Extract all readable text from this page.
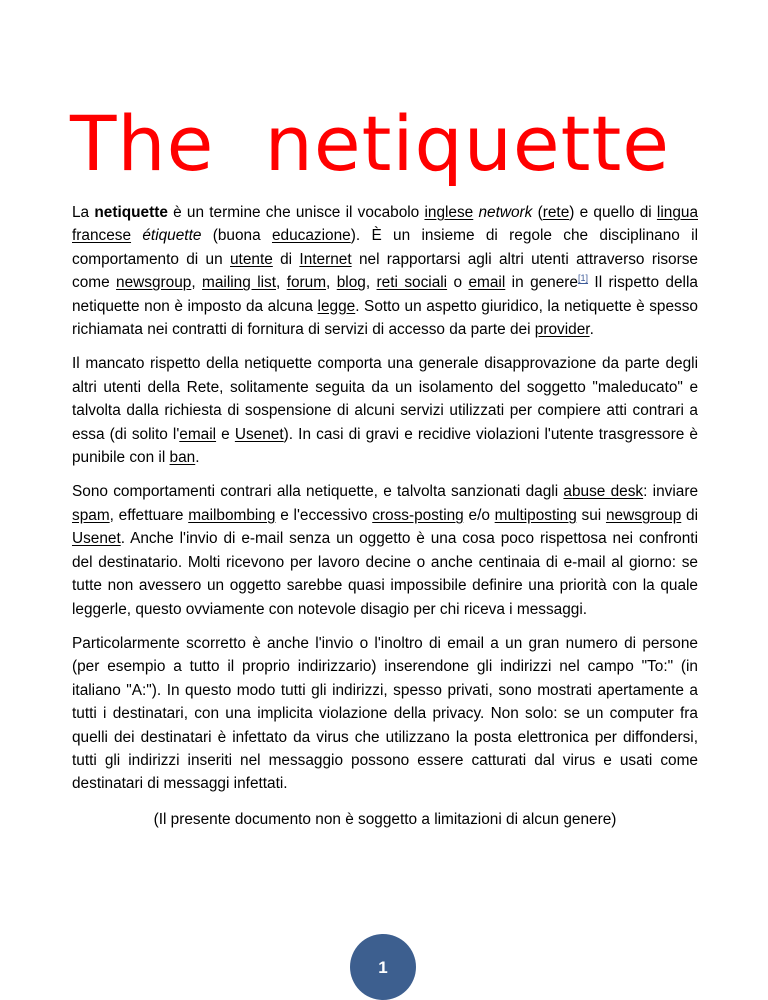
The  netiquette

La netiquette è un termine che unisce il vocabolo inglese network (rete) e quello di lingua francese étiquette (buona educazione). È un insieme di regole che disciplinano il comportamento di un utente di Internet nel rapportarsi agli altri utenti attraverso risorse come newsgroup, mailing list, forum, blog, reti sociali o email in genere[1] Il rispetto della netiquette non è imposto da alcuna legge. Sotto un aspetto giuridico, la netiquette è spesso richiamata nei contratti di fornitura di servizi di accesso da parte dei provider.

Il mancato rispetto della netiquette comporta una generale disapprovazione da parte degli altri utenti della Rete, solitamente seguita da un isolamento del soggetto "maleducato" e talvolta dalla richiesta di sospensione di alcuni servizi utilizzati per compiere atti contrari a essa (di solito l'email e Usenet). In casi di gravi e recidive violazioni l'utente trasgressore è punibile con il ban.

Sono comportamenti contrari alla netiquette, e talvolta sanzionati dagli abuse desk: inviare spam, effettuare mailbombing e l'eccessivo cross-posting e/o multiposting sui newsgroup di Usenet. Anche l'invio di e-mail senza un oggetto è una cosa poco rispettosa nei confronti del destinatario. Molti ricevono per lavoro decine o anche centinaia di e-mail al giorno: se tutte non avessero un oggetto sarebbe quasi impossibile definire una priorità con la quale leggerle, questo ovviamente con notevole disagio per chi riceva i messaggi.

Particolarmente scorretto è anche l'invio o l'inoltro di email a un gran numero di persone (per esempio a tutto il proprio indirizzario) inserendone gli indirizzi nel campo "To:" (in italiano "A:"). In questo modo tutti gli indirizzi, spesso privati, sono mostrati apertamente a tutti i destinatari, con una implicita violazione della privacy. Non solo: se un computer fra quelli dei destinatari è infettato da virus che utilizzano la posta elettronica per diffondersi, tutti gli indirizzi inseriti nel messaggio possono essere catturati dal virus e usati come destinatari di messaggi infettati.

(Il presente documento non è soggetto a limitazioni di alcun genere)

1
